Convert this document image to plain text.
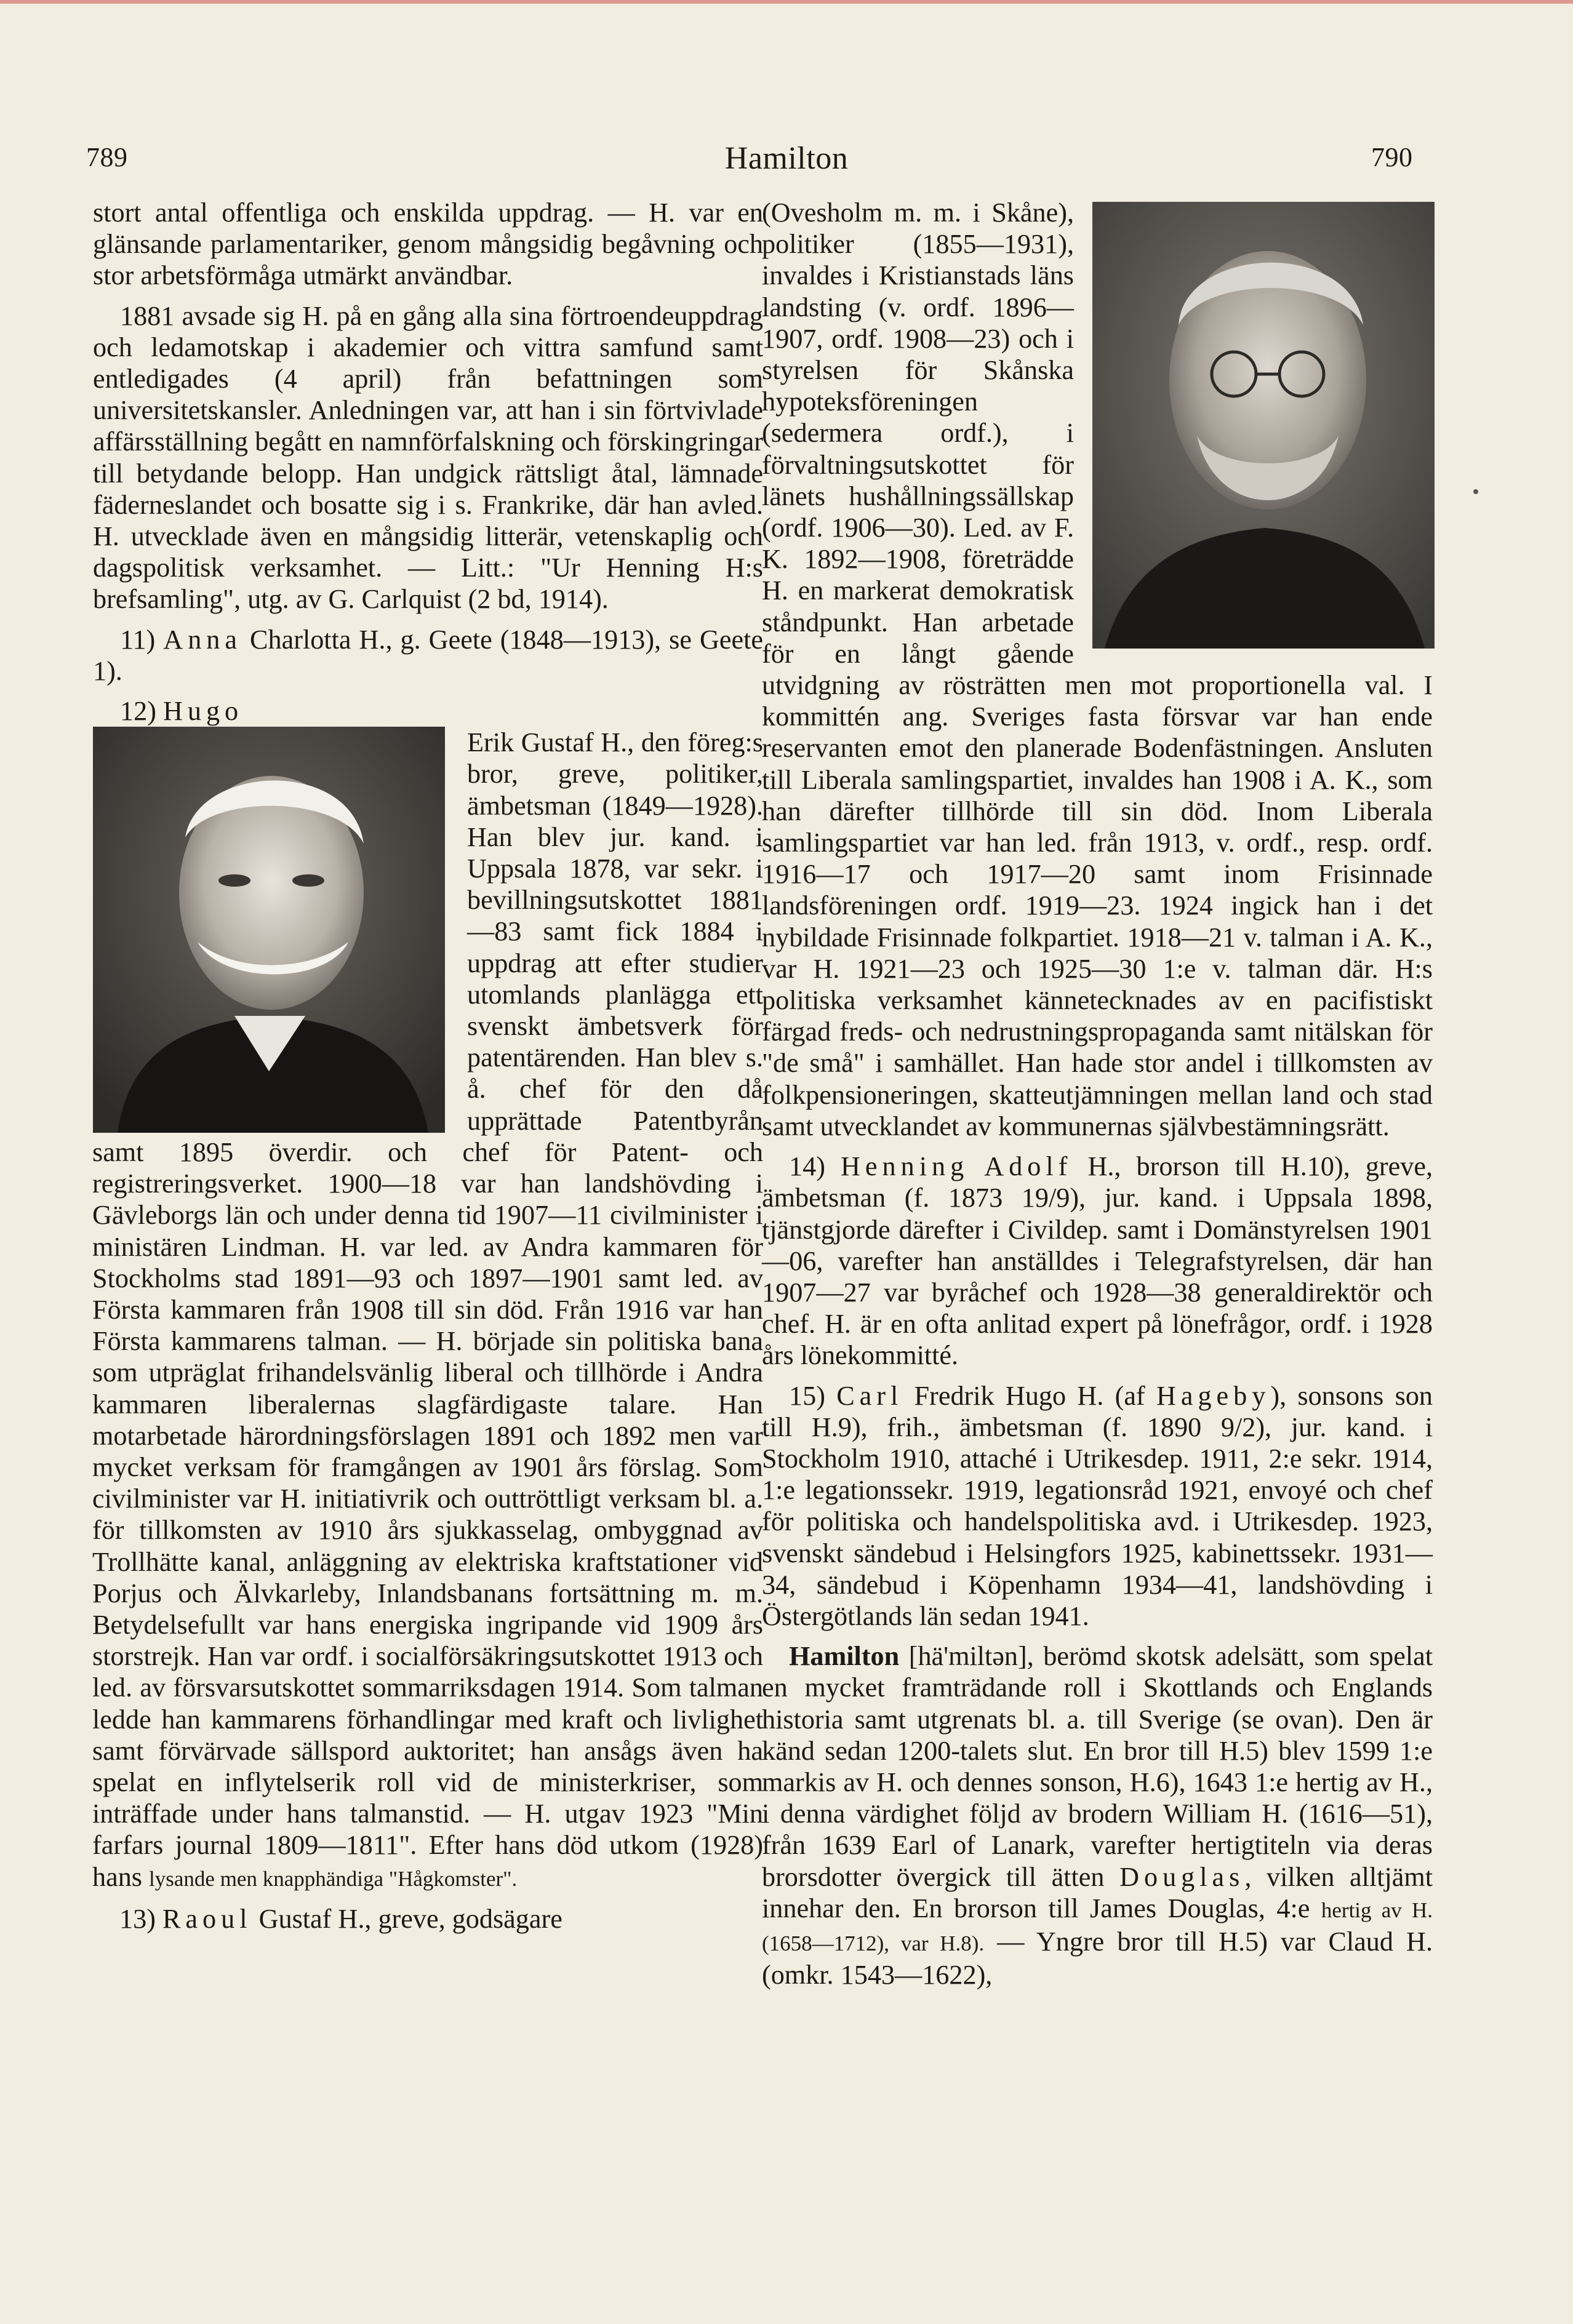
789	Hamilton	790

stort antal offentliga och enskilda uppdrag. — H. var en glänsande parlamentariker, genom mångsidig begåvning och stor arbetsförmåga utmärkt användbar.

1881 avsade sig H. på en gång alla sina förtroendeuppdrag och ledamotskap i akademier och vittra samfund samt entledigades (4 april) från befattningen som universitetskansler. Anledningen var, att han i sin förtvivlade affärsställning begått en namnförfalskning och förskingringar till betydande belopp. Han undgick rättsligt åtal, lämnade fäderneslandet och bosatte sig i s. Frankrike, där han avled. H. utvecklade även en mångsidig litterär, vetenskaplig och dagspolitisk verksamhet. — Litt.: "Ur Henning H:s brefsamling", utg. av G. Carlquist (2 bd, 1914).

11) Anna Charlotta H., g. Geete (1848—1913), se Geete 1).

12) Hugo

Erik Gustaf H., den föreg:s bror, greve, politiker, ämbetsman (1849—1928). Han blev jur. kand. i Uppsala 1878, var sekr. i bevillningsutskottet 1881—83 samt fick 1884 i uppdrag att efter studier utomlands planlägga ett svenskt ämbetsverk för patentärenden. Han blev s. å. chef för den då upprättade Patentbyrån samt 1895 överdir. och chef för Patent- och registreringsverket. 1900—18 var han landshövding i Gävleborgs län och under denna tid 1907—11 civilminister i ministären Lindman. H. var led. av Andra kammaren för Stockholms stad 1891—93 och 1897—1901 samt led. av Första kammaren från 1908 till sin död. Från 1916 var han Första kammarens talman. — H. började sin politiska bana som utpräglat frihandelsvänlig liberal och tillhörde i Andra kammaren liberalernas slagfärdigaste talare. Han motarbetade härordningsförslagen 1891 och 1892 men var mycket verksam för framgången av 1901 års förslag. Som civilminister var H. initiativrik och outtröttligt verksam bl. a. för tillkomsten av 1910 års sjukkasselag, ombyggnad av Trollhätte kanal, anläggning av elektriska kraftstationer vid Porjus och Älvkarleby, Inlandsbanans fortsättning m. m. Betydelsefullt var hans energiska ingripande vid 1909 års storstrejk. Han var ordf. i socialförsäkringsutskottet 1913 och led. av försvarsutskottet sommarriksdagen 1914. Som talman ledde han kammarens förhandlingar med kraft och livlighet samt förvärvade sällspord auktoritet; han ansågs även ha spelat en inflytelserik roll vid de ministerkriser, som inträffade under hans talmanstid. — H. utgav 1923 "Min farfars journal 1809—1811". Efter hans död utkom (1928) hans lysande men knapphändiga "Hågkomster".

13) Raoul Gustaf H., greve, godsägare

(Ovesholm m. m. i Skåne), politiker (1855—1931), invaldes i Kristianstads läns landsting (v. ordf. 1896—1907, ordf. 1908—23) och i styrelsen för Skånska hypoteksföreningen (sedermera ordf.), i förvaltningsutskottet för länets hushållningssällskap (ordf. 1906—30). Led. av F. K. 1892—1908, företrädde H. en markerat demokratisk ståndpunkt. Han arbetade för en långt gående utvidgning av rösträtten men mot proportionella val. I kommittén ang. Sveriges fasta försvar var han ende reservanten emot den planerade Bodenfästningen. Ansluten till Liberala samlingspartiet, invaldes han 1908 i A. K., som han därefter tillhörde till sin död. Inom Liberala samlingspartiet var han led. från 1913, v. ordf., resp. ordf. 1916—17 och 1917—20 samt inom Frisinnade landsföreningen ordf. 1919—23. 1924 ingick han i det nybildade Frisinnade folkpartiet. 1918—21 v. talman i A. K., var H. 1921—23 och 1925—30 1:e v. talman där. H:s politiska verksamhet kännetecknades av en pacifistiskt färgad freds- och nedrustningspropaganda samt nitälskan för "de små" i samhället. Han hade stor andel i tillkomsten av folkpensioneringen, skatteutjämningen mellan land och stad samt utvecklandet av kommunernas självbestämningsrätt.

14) Henning Adolf H., brorson till H.10), greve, ämbetsman (f. 1873 19/9), jur. kand. i Uppsala 1898, tjänstgjorde därefter i Civildep. samt i Domänstyrelsen 1901—06, varefter han anställdes i Telegrafstyrelsen, där han 1907—27 var byråchef och 1928—38 generaldirektör och chef. H. är en ofta anlitad expert på lönefrågor, ordf. i 1928 års lönekommitté.

15) Carl Fredrik Hugo H. (af Hageby), sonsons son till H.9), frih., ämbetsman (f. 1890 9/2), jur. kand. i Stockholm 1910, attaché i Utrikesdep. 1911, 2:e sekr. 1914, 1:e legationssekr. 1919, legationsråd 1921, envoyé och chef för politiska och handelspolitiska avd. i Utrikesdep. 1923, svenskt sändebud i Helsingfors 1925, kabinettssekr. 1931—34, sändebud i Köpenhamn 1934—41, landshövding i Östergötlands län sedan 1941.

Hamilton [hä'miltən], berömd skotsk adelsätt, som spelat en mycket framträdande roll i Skottlands och Englands historia samt utgrenats bl. a. till Sverige (se ovan). Den är känd sedan 1200-talets slut. En bror till H.5) blev 1599 1:e markis av H. och dennes sonson, H.6), 1643 1:e hertig av H., i denna värdighet följd av brodern William H. (1616—51), från 1639 Earl of Lanark, varefter hertigtiteln via deras brorsdotter övergick till ätten Douglas, vilken alltjämt innehar den. En brorson till James Douglas, 4:e hertig av H. (1658—1712), var H.8). — Yngre bror till H.5) var Claud H. (omkr. 1543—1622),
